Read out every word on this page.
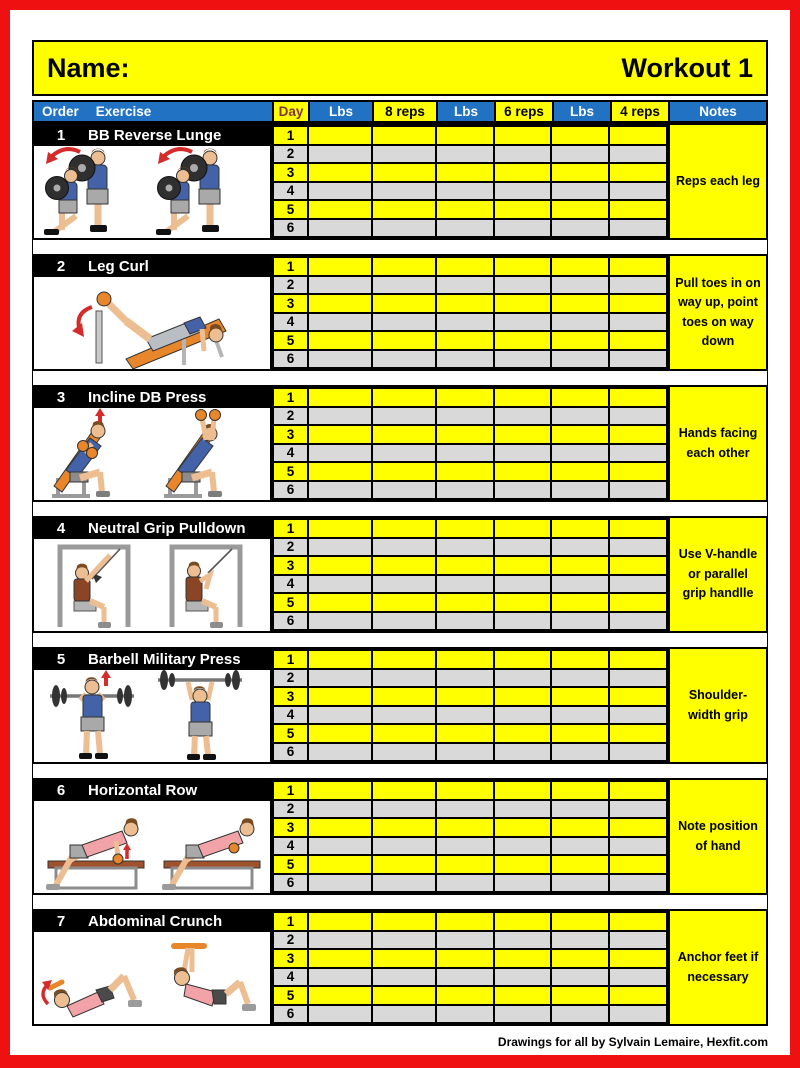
Name:	Workout 1
Order Exercise	Day	Lbs	8 reps	Lbs	6 reps	Lbs	4 reps	Notes
1	BB Reverse Lunge	1						
2						
3						
4						
5						
6						
Reps each leg
2	Leg Curl	1						
2						
3						
4						
5						
6						
Pull toes in on way up, point toes on way down
3	Incline DB Press	1						
2						
3						
4						
5						
6						
Hands facing each other
4	Neutral Grip Pulldown	1						
2						
3						
4						
5						
6						
Use V-handle or parallel grip handlle
5	Barbell Military Press	1						
2						
3						
4						
5						
6						
Shoulder-width grip
6	Horizontal Row	1						
2						
3						
4						
5						
6						
Note position of hand
7	Abdominal Crunch	1						
2						
3						
4						
5						
6						
Anchor feet if necessary
Drawings for all by Sylvain Lemaire, Hexfit.com
